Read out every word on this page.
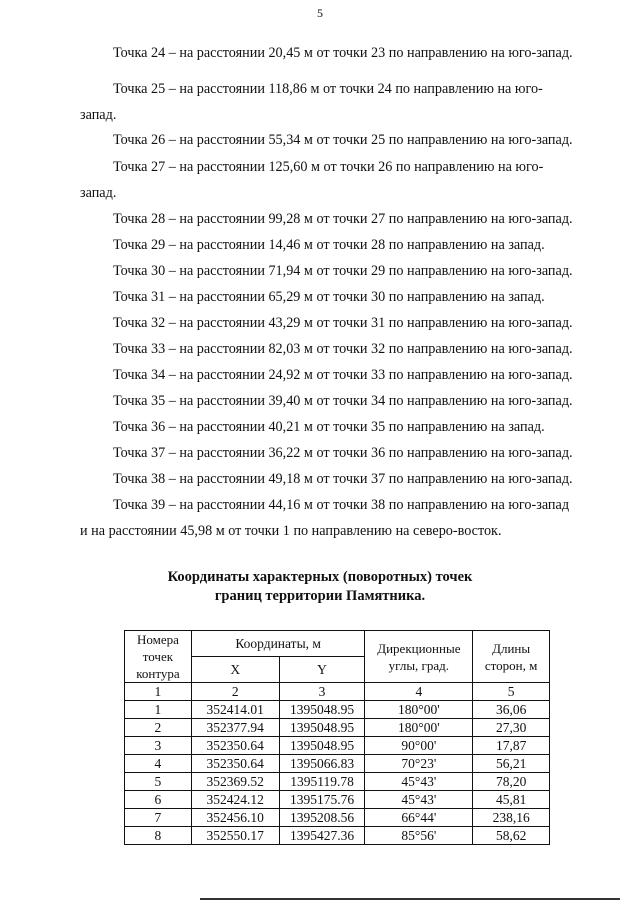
5
Точка 24 – на расстоянии 20,45 м от точки 23 по направлению на юго-запад.
Точка 25 – на расстоянии 118,86 м от точки 24 по направлению на юго-
запад.
Точка 26 – на расстоянии 55,34 м от точки 25 по направлению на юго-запад.
Точка 27 – на расстоянии 125,60 м от точки 26 по направлению на юго-
запад.
Точка 28 – на расстоянии 99,28 м от точки 27 по направлению на юго-запад.
Точка 29 – на расстоянии 14,46 м от точки 28 по направлению на запад.
Точка 30 – на расстоянии 71,94 м от точки 29 по направлению на юго-запад.
Точка 31 – на расстоянии 65,29 м от точки 30 по направлению на запад.
Точка 32 – на расстоянии 43,29 м от точки 31 по направлению на юго-запад.
Точка 33 – на расстоянии 82,03 м от точки 32 по направлению на юго-запад.
Точка 34 – на расстоянии 24,92 м от точки 33 по направлению на юго-запад.
Точка 35 – на расстоянии 39,40 м от точки 34 по направлению на юго-запад.
Точка 36 – на расстоянии 40,21 м от точки 35 по направлению на запад.
Точка 37 – на расстоянии 36,22 м от точки 36 по направлению на юго-запад.
Точка 38 – на расстоянии 49,18 м от точки 37 по направлению на юго-запад.
Точка 39 – на расстоянии 44,16 м от точки 38 по направлению на юго-запад
и на расстоянии 45,98 м от точки 1 по направлению на северо-восток.
Координаты характерных (поворотных) точек
границ территории Памятника.
Номера точек контура	Координаты, м		Дирекционные углы, град.	Длины сторон, м
	X	Y		
1	2	3	4	5
1	352414.01	1395048.95	180°00'	36,06
2	352377.94	1395048.95	180°00'	27,30
3	352350.64	1395048.95	90°00'	17,87
4	352350.64	1395066.83	70°23'	56,21
5	352369.52	1395119.78	45°43'	78,20
6	352424.12	1395175.76	45°43'	45,81
7	352456.10	1395208.56	66°44'	238,16
8	352550.17	1395427.36	85°56'	58,62
